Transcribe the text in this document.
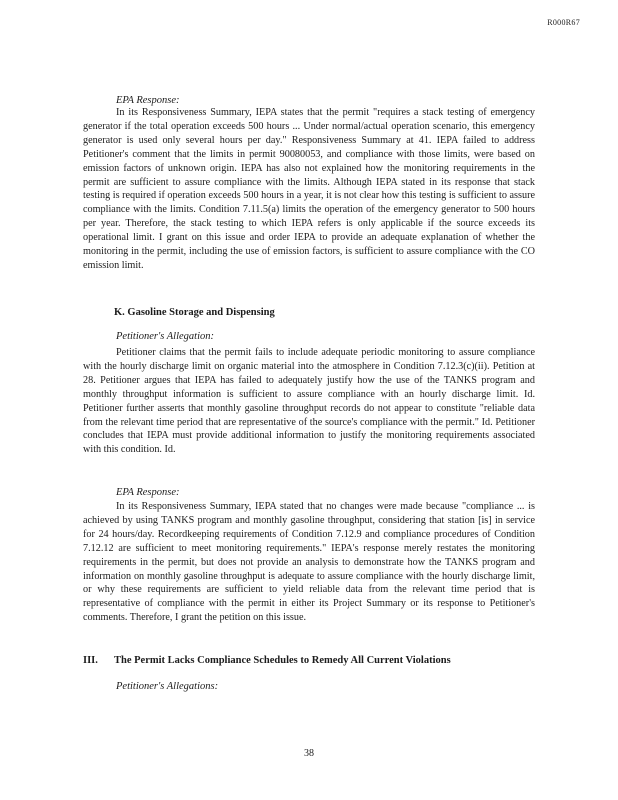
R000R67
EPA Response:

In its Responsiveness Summary, IEPA states that the permit "requires a stack testing of emergency generator if the total operation exceeds 500 hours ... Under normal/actual operation scenario, this emergency generator is used only several hours per day." Responsiveness Summary at 41. IEPA failed to address Petitioner's comment that the limits in permit 90080053, and compliance with those limits, were based on emission factors of unknown origin. IEPA has also not explained how the monitoring requirements in the permit are sufficient to assure compliance with the limits. Although IEPA stated in its response that stack testing is required if operation exceeds 500 hours in a year, it is not clear how this testing is sufficient to assure compliance with the limits. Condition 7.11.5(a) limits the operation of the emergency generator to 500 hours per year. Therefore, the stack testing to which IEPA refers is only applicable if the source exceeds its operational limit. I grant on this issue and order IEPA to provide an adequate explanation of whether the monitoring in the permit, including the use of emission factors, is sufficient to assure compliance with the CO emission limit.

K. Gasoline Storage and Dispensing
Petitioner's Allegation:

Petitioner claims that the permit fails to include adequate periodic monitoring to assure compliance with the hourly discharge limit on organic material into the atmosphere in Condition 7.12.3(c)(ii). Petition at 28. Petitioner argues that IEPA has failed to adequately justify how the use of the TANKS program and monthly throughput information is sufficient to assure compliance with an hourly discharge limit. Id. Petitioner further asserts that monthly gasoline throughput records do not appear to constitute "reliable data from the relevant time period that are representative of the source's compliance with the permit." Id. Petitioner concludes that IEPA must provide additional information to justify the monitoring requirements associated with this condition. Id.

EPA Response:

In its Responsiveness Summary, IEPA stated that no changes were made because "compliance ... is achieved by using TANKS program and monthly gasoline throughput, considering that station [is] in service for 24 hours/day. Recordkeeping requirements of Condition 7.12.9 and compliance procedures of Condition 7.12.12 are sufficient to meet monitoring requirements." IEPA's response merely restates the monitoring requirements in the permit, but does not provide an analysis to demonstrate how the TANKS program and information on monthly gasoline throughput is adequate to assure compliance with the hourly discharge limit, or why these requirements are sufficient to yield reliable data from the relevant time period that is representative of compliance with the permit in either its Project Summary or its response to Petitioner's comments. Therefore, I grant the petition on this issue.

III. The Permit Lacks Compliance Schedules to Remedy All Current Violations
Petitioner's Allegations:
38
